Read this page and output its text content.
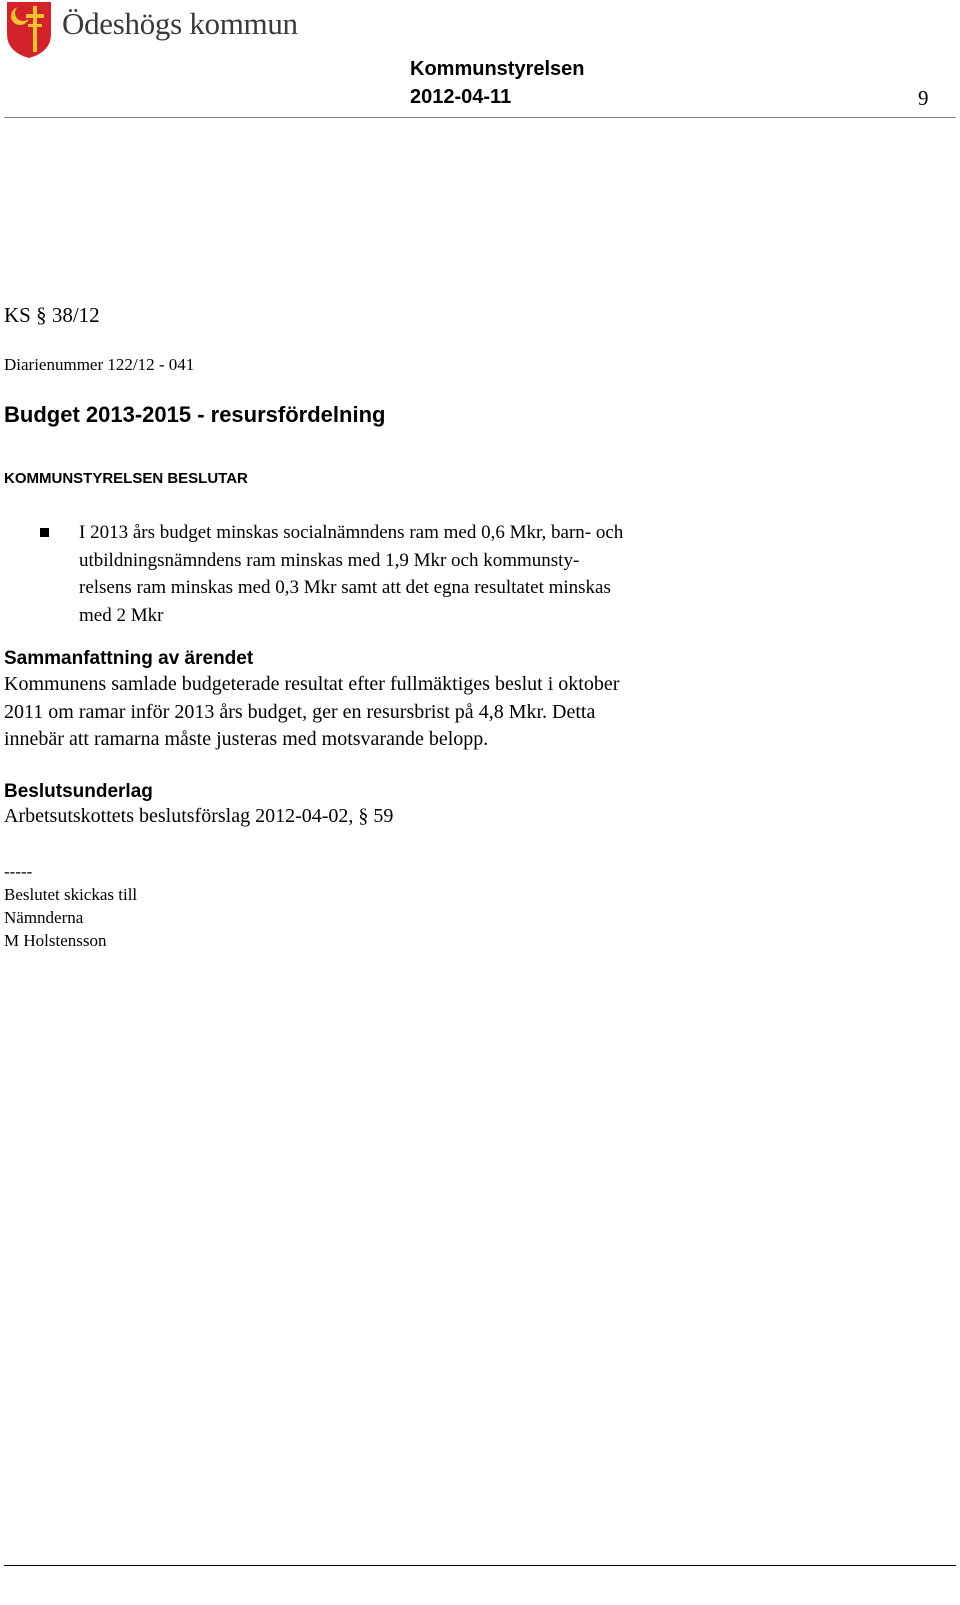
Ödeshögs kommun
Kommunstyrelsen
2012-04-11	9
KS § 38/12
Diarienummer 122/12 - 041
Budget 2013-2015 - resursfördelning
KOMMUNSTYRELSEN BESLUTAR
I 2013 års budget minskas socialnämndens ram med 0,6 Mkr, barn- och
utbildningsnämndens ram minskas med 1,9 Mkr och kommunsty-
relsens ram minskas med 0,3 Mkr samt att det egna resultatet minskas
med 2 Mkr
Sammanfattning av ärendet
Kommunens samlade budgeterade resultat efter fullmäktiges beslut i oktober
2011 om ramar inför 2013 års budget, ger en resursbrist på 4,8 Mkr. Detta
innebär att ramarna måste justeras med motsvarande belopp.
Beslutsunderlag
Arbetsutskottets beslutsförslag 2012-04-02, § 59
-----
Beslutet skickas till
Nämnderna
M Holstensson
